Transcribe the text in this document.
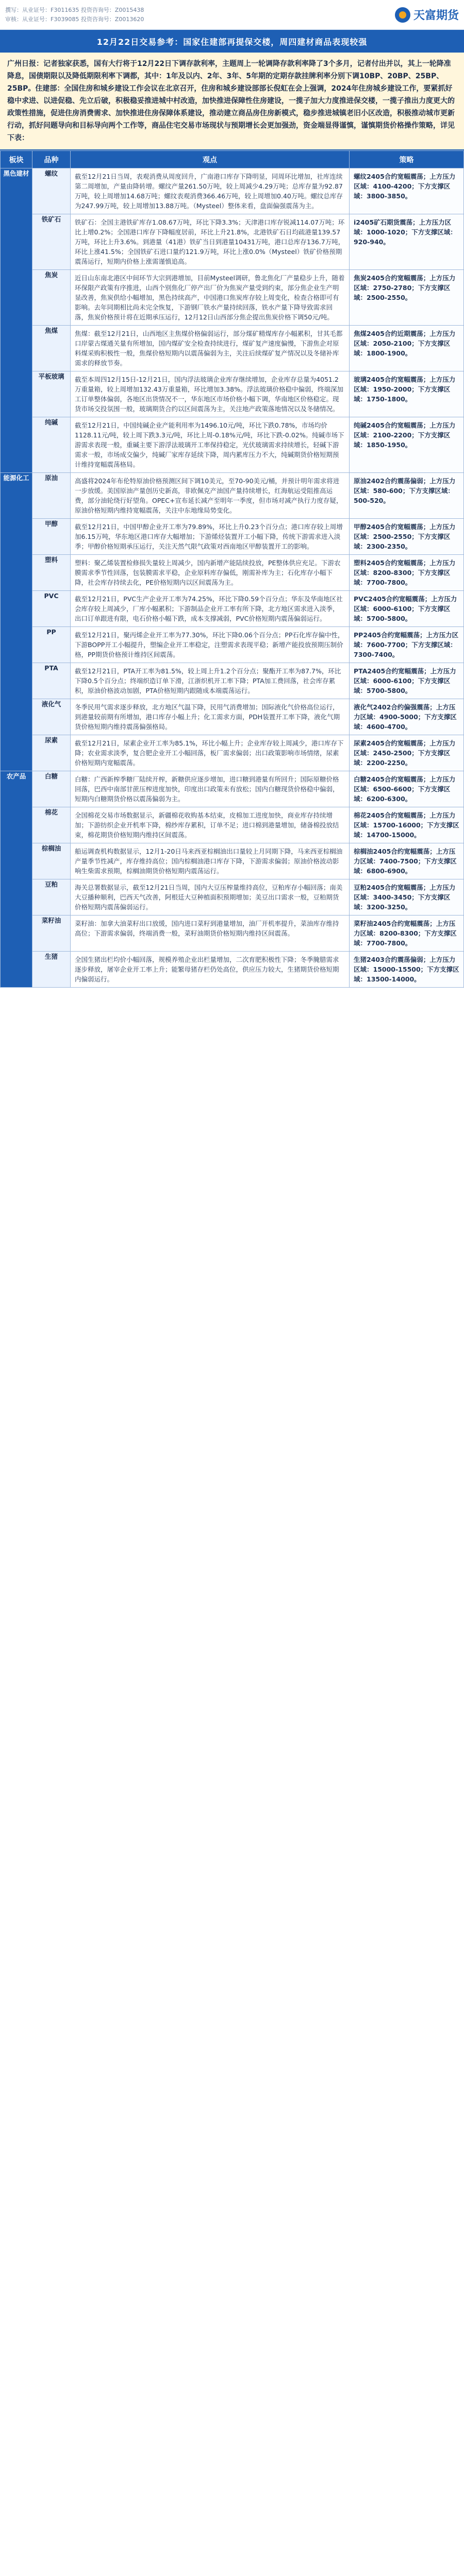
撰写：从业证号：F3011635 投资咨询号：Z0015438
审核：从业证号：F3039085 投资咨询号：Z0013620	天富期货
12月22日交易参考：国家住建部再提保交楼，周四建材商品表现较强
广州日报：记者独家获悉，国有大行将于12月22日下调存款利率，主题周上一轮调降存款利率降了3个多月，记者付出并以，其上一轮降准降息，国债期限以及降低期限利率下调都，其中：1年及以内、2年、3年、5年期的定期存款挂牌利率分别下调10BP、20BP、25BP、25BP。住建部：全国住房和城乡建设工作会议在北京召开，住房和城乡建设部部长倪虹在会上强调，2024年住房城乡建设工作，要紧抓好稳中求进、以进促稳、先立后破，积极稳妥推进城中村改造，加快推进保障性住房建设，一揽子加大力度推进保交楼，一揽子推出力度更大的政策性措施，促进住房消费需求、加快推进住房保障体系建设，推动建立商品房住房新模式，稳步推进城镇老旧小区改造，积极推动城市更新行动，抓好问题导向和目标导向两个工作等，商品住宅交易市场现状与预期增长会更加强劲，资金端显得谨慎，谨慎期货价格操作策略，详见下表：
板块	品种	观点	策略
黑色建材	螺纹	截至12月21日当周，表观消费从周度回升，广南港口库存下降明显，同周环比增加，社库连续第二周增加，产量由降转增。螺纹产量261.50万吨，较上周减少4.29万吨；总库存量为92.87万吨，较上周增加14.68万吨；螺纹表观消费366.46万吨，较上周增加0.40万吨。螺纹总库存为247.99万吨，较上周增加13.88万吨。（Mysteel）整体来看，盘面偏强震荡为主。	螺纹2405合约宽幅震荡；上方压力区域：4100-4200；下方支撑区域：3800-3850。
	铁矿石	铁矿石：全国主港铁矿库存1.08.67万吨，环比下降3.3%；天津港口库存锐减114.07万吨；环比上增0.2%；全国港口库存下降幅度居前，环比上升21.8%，北港铁矿石日均疏港量139.57万吨，环比上升3.6%。到港量（41港）铁矿当日到港量10431万吨，港口总库存136.7万吨，环比上涨41.5%；全国铁矿石进口量约121.9万吨，环比上涨0.0%（Mysteel）铁矿价格预期震荡运行，短期内价格上涨需谨慎追高。	i2405矿石期货震荡；上方压力区域：1000-1020；下方支撑区域：920-940。
	焦炭	近日山东南北港区中间环节大宗到港增加，目前Mysteel调研，鲁北焦化厂产量稳步上升，随着环保限产政策有序推进，山西个别焦化厂停产出厂价为焦炭产量受到约束，部分焦企业生产明显改善，焦炭供给小幅增加，黑色持续高产，中国港口焦炭库存较上周变化，检查合格即可有影响。去年同期相比尚未完全恢复，下游钢厂铁水产量持续回落，铁水产量下降导致需求回落，焦炭价格预计将在近期承压运行，12月12日山西部分焦企提出焦炭价格下调50元/吨。	焦炭2405合约宽幅震荡；上方压力区域：2750-2780；下方支撑区域：2500-2550。
	焦煤	焦煤：截至12月21日，山西地区主焦煤价格偏弱运行，部分煤矿精煤库存小幅累积，甘其毛都口岸蒙古煤通关量有所增加，国内煤矿安全检查持续进行，煤矿复产速度偏慢，下游焦企对原料煤采购积极性一般，焦煤价格短期内以震荡偏弱为主，关注后续煤矿复产情况以及冬储补库需求的释放节奏。	焦煤2405合约近期震荡；上方压力区域：2050-2100；下方支撑区域：1800-1900。
	平板玻璃	截至本周四12月15日-12月21日，国内浮法玻璃企业库存继续增加，企业库存总量为4051.2万重量箱，较上周增加132.43万重量箱，环比增加3.38%。浮法玻璃价格稳中偏弱，终端深加工订单整体偏弱，各地区出货情况不一，华东地区市场价格小幅下调，华南地区价格稳定。现货市场交投氛围一般，玻璃期货合约以区间震荡为主，关注地产政策落地情况以及冬储情况。	玻璃2405合约宽幅震荡；上方压力区域：1950-2000；下方支撑区域：1750-1800。
	纯碱	截至12月21日，中国纯碱企业产能利用率为1496.10元/吨，环比下跌0.78%，市场均价1128.11元/吨，较上周下跌3.3元/吨，环比上周-0.18%元/吨，环比下跌-0.02%。纯碱市场下游需求表现一般，重碱主要下游浮法玻璃开工率保持稳定，光伏玻璃需求持续增长，轻碱下游需求一般，市场成交偏少，纯碱厂家库存延续下降，周内累库压力不大，纯碱期货价格短期预计维持宽幅震荡格局。	纯碱2405合约宽幅震荡；上方压力区域：2100-2200；下方支撑区域：1850-1950。
能源化工	原油	高盛将2024年布伦特原油价格预测区间下调10美元，至70-90美元/桶，并预计明年需求将进一步放缓。美国原油产量创历史新高，非欧佩克产油国产量持续增长，红海航运受阻推高运费，部分油轮绕行好望角。OPEC+宣布延长减产至明年一季度，但市场对减产执行力度存疑，原油价格短期内维持宽幅震荡，关注中东地缘局势变化。	原油2402合约震荡偏弱；上方压力区域：580-600；下方支撑区域：500-520。
	甲醇	截至12月21日，中国甲醇企业开工率为79.89%，环比上升0.23个百分点；港口库存较上周增加6.15万吨，华东地区港口库存大幅增加；下游烯烃装置开工小幅下降，传统下游需求进入淡季；甲醇价格短期承压运行，关注天然气限气政策对西南地区甲醇装置开工的影响。	甲醇2405合约宽幅震荡；上方压力区域：2500-2550；下方支撑区域：2300-2350。
	塑料	塑料：聚乙烯装置检修损失量较上周减少，国内新增产能陆续投放，PE整体供应充足。下游农膜需求季节性回落，包装膜需求平稳，企业原料库存偏低，刚需补库为主；石化库存小幅下降，社会库存持续去化，PE价格短期内以区间震荡为主。	塑料2405合约宽幅震荡；上方压力区域：8200-8300；下方支撑区域：7700-7800。
	PVC	截至12月21日，PVC生产企业开工率为74.25%，环比下降0.59个百分点；华东及华南地区社会库存较上周减少，厂库小幅累积；下游制品企业开工率有所下降，北方地区需求进入淡季，出口订单跟进有限，电石价格小幅下跌，成本支撑减弱，PVC价格短期内震荡偏弱运行。	PVC2405合约宽幅震荡；上方压力区域：6000-6100；下方支撑区域：5700-5800。
	PP	截至12月21日，聚丙烯企业开工率为77.30%，环比下降0.06个百分点；PP石化库存偏中性，下游BOPP开工小幅提升，塑编企业开工率稳定，注塑需求表现平稳；新增产能投放预期压制价格，PP期货价格预计维持区间震荡。	PP2405合约宽幅震荡；上方压力区域：7600-7700；下方支撑区域：7300-7400。
	PTA	截至12月21日，PTA开工率为81.5%，较上周上升1.2个百分点；聚酯开工率为87.7%，环比下降0.5个百分点；终端织造订单下滑，江浙织机开工率下降；PTA加工费回落，社会库存累积，原油价格波动加剧，PTA价格短期内跟随成本端震荡运行。	PTA2405合约宽幅震荡；上方压力区域：6000-6100；下方支撑区域：5700-5800。
	液化气	冬季民用气需求逐步释放，北方地区气温下降，民用气消费增加；国际液化气价格高位运行，到港量较前期有所增加，港口库存小幅上升；化工需求方面，PDH装置开工率下降，液化气期货价格短期内维持震荡偏强格局。	液化气2402合约偏强震荡；上方压力区域：4900-5000；下方支撑区域：4600-4700。
	尿素	截至12月21日，尿素企业开工率为85.1%，环比小幅上升；企业库存较上周减少，港口库存下降；农业需求淡季，复合肥企业开工小幅回落，板厂需求偏弱；出口政策影响市场情绪，尿素价格短期内宽幅震荡。	尿素2405合约宽幅震荡；上方压力区域：2450-2500；下方支撑区域：2200-2250。
农产品	白糖	白糖：广西新榨季糖厂陆续开榨，新糖供应逐步增加，进口糖到港量有所回升；国际原糖价格回落，巴西中南部甘蔗压榨进度加快，印度出口政策未有放松；国内白糖现货价格稳中偏弱，短期内白糖期货价格以震荡偏弱为主。	白糖2405合约宽幅震荡；上方压力区域：6500-6600；下方支撑区域：6200-6300。
	棉花	全国棉花交易市场数据显示，新疆棉花收购基本结束，皮棉加工进度加快，商业库存持续增加；下游纺织企业开机率下降，棉纱库存累积，订单不足；进口棉到港量增加，储备棉投放结束，棉花期货价格短期内维持区间震荡。	棉花2405合约宽幅震荡；上方压力区域：15700-16000；下方支撑区域：14700-15000。
	棕榈油	船运调查机构数据显示，12月1-20日马来西亚棕榈油出口量较上月同期下降，马来西亚棕榈油产量季节性减产，库存维持高位；国内棕榈油港口库存下降，下游需求偏弱；原油价格波动影响生柴需求预期，棕榈油期货价格短期内震荡运行。	棕榈油2405合约宽幅震荡；上方压力区域：7400-7500；下方支撑区域：6800-6900。
	豆粕	海关总署数据显示，截至12月21日当周，国内大豆压榨量维持高位，豆粕库存小幅回落；南美大豆播种顺利，巴西天气改善，阿根廷大豆种植面积预期增加；美豆出口需求一般，豆粕期货价格短期内震荡偏弱运行。	豆粕2405合约宽幅震荡；上方压力区域：3400-3450；下方支撑区域：3200-3250。
	菜籽油	菜籽油：加拿大油菜籽出口放缓，国内进口菜籽到港量增加，油厂开机率提升，菜油库存维持高位；下游需求偏弱，终端消费一般，菜籽油期货价格短期内维持区间震荡。	菜籽油2405合约宽幅震荡；上方压力区域：8200-8300；下方支撑区域：7700-7800。
	生猪	全国生猪出栏均价小幅回落，规模养殖企业出栏量增加，二次育肥积极性下降；冬季腌腊需求逐步释放，屠宰企业开工率上升；能繁母猪存栏仍处高位，供应压力较大，生猪期货价格短期内偏弱运行。	生猪2403合约震荡偏弱；上方压力区域：15000-15500；下方支撑区域：13500-14000。
